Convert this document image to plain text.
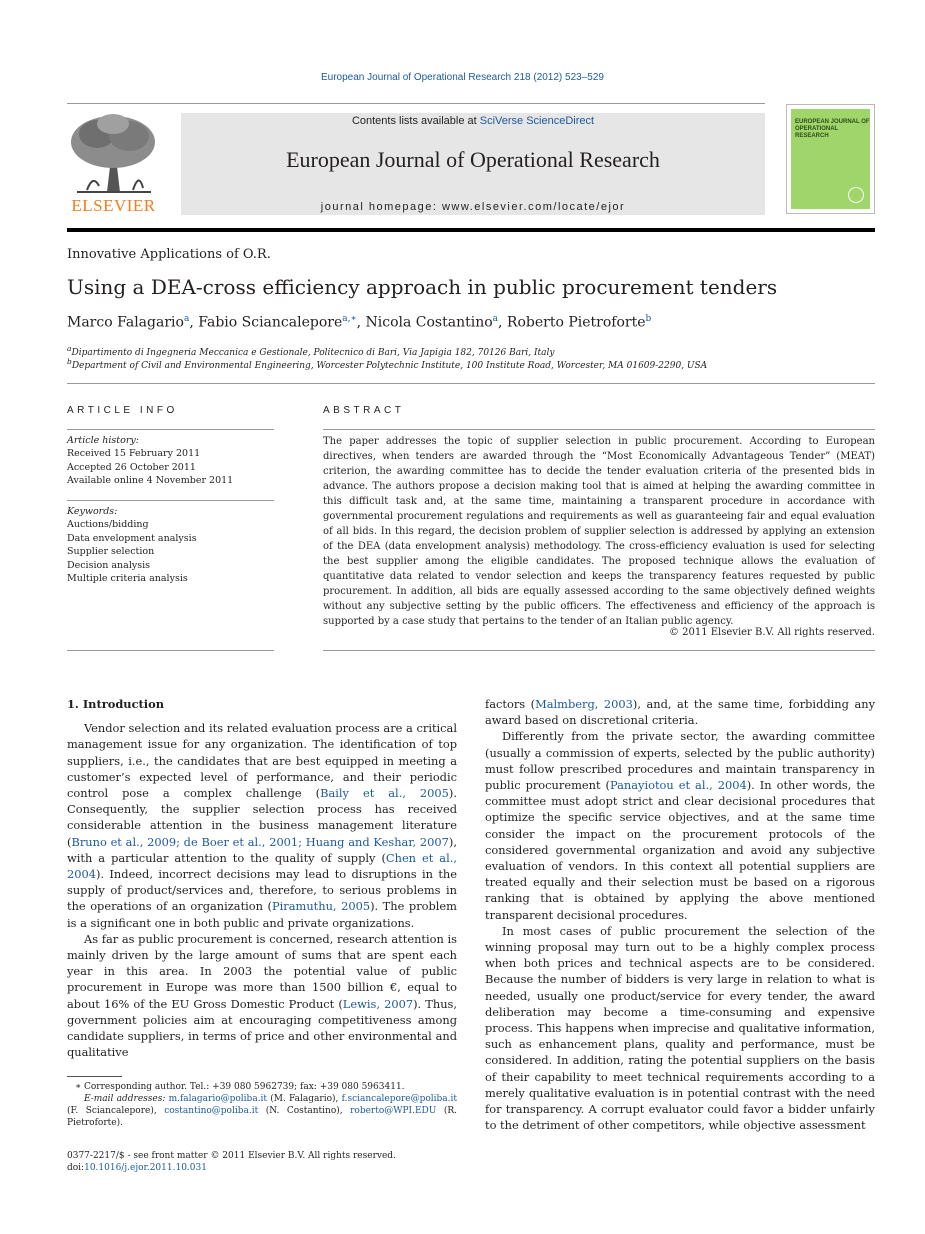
European Journal of Operational Research 218 (2012) 523–529
ELSEVIER
Contents lists available at SciVerse ScienceDirect
European Journal of Operational Research
journal homepage: www.elsevier.com/locate/ejor
EUROPEAN JOURNAL OF OPERATIONAL RESEARCH
Innovative Applications of O.R.
Using a DEA-cross efficiency approach in public procurement tenders
Marco Falagario$^a$, Fabio Sciancalepore$^{a,∗}$, Nicola Costantino$^a$, Roberto Pietroforte$^b$
$^a$Dipartimento di Ingegneria Meccanica e Gestionale, Politecnico di Bari, Via Japigia 182, 70126 Bari, Italy
$^b$Department of Civil and Environmental Engineering, Worcester Polytechnic Institute, 100 Institute Road, Worcester, MA 01609-2290, USA
ARTICLE INFO
Article history:
Received 15 February 2011
Accepted 26 October 2011
Available online 4 November 2011
Keywords:
Auctions/bidding
Data envelopment analysis
Supplier selection
Decision analysis
Multiple criteria analysis
ABSTRACT
The paper addresses the topic of supplier selection in public procurement. According to European directives, when tenders are awarded through the “Most Economically Advantageous Tender” (MEAT) criterion, the awarding committee has to decide the tender evaluation criteria of the presented bids in advance. The authors propose a decision making tool that is aimed at helping the awarding committee in this difficult task and, at the same time, maintaining a transparent procedure in accordance with governmental procurement regulations and requirements as well as guaranteeing fair and equal evaluation of all bids. In this regard, the decision problem of supplier selection is addressed by applying an extension of the DEA (data envelopment analysis) methodology. The cross-efficiency evaluation is used for selecting the best supplier among the eligible candidates. The proposed technique allows the evaluation of quantitative data related to vendor selection and keeps the transparency features requested by public procurement. In addition, all bids are equally assessed according to the same objectively defined weights without any subjective setting by the public officers. The effectiveness and efficiency of the approach is supported by a case study that pertains to the tender of an Italian public agency.
© 2011 Elsevier B.V. All rights reserved.
1. Introduction

Vendor selection and its related evaluation process are a critical management issue for any organization. The identification of top suppliers, i.e., the candidates that are best equipped in meeting a customer’s expected level of performance, and their periodic control pose a complex challenge (Baily et al., 2005). Consequently, the supplier selection process has received considerable attention in the business management literature (Bruno et al., 2009; de Boer et al., 2001; Huang and Keshar, 2007), with a particular attention to the quality of supply (Chen et al., 2004). Indeed, incorrect decisions may lead to disruptions in the supply of product/services and, therefore, to serious problems in the operations of an organization (Piramuthu, 2005). The problem is a significant one in both public and private organizations.

As far as public procurement is concerned, research attention is mainly driven by the large amount of sums that are spent each year in this area. In 2003 the potential value of public procurement in Europe was more than 1500 billion €, equal to about 16% of the EU Gross Domestic Product (Lewis, 2007). Thus, government policies aim at encouraging competitiveness among candidate suppliers, in terms of price and other environmental and qualitative

factors (Malmberg, 2003), and, at the same time, forbidding any award based on discretional criteria.

Differently from the private sector, the awarding committee (usually a commission of experts, selected by the public authority) must follow prescribed procedures and maintain transparency in public procurement (Panayiotou et al., 2004). In other words, the committee must adopt strict and clear decisional procedures that optimize the specific service objectives, and at the same time consider the impact on the procurement protocols of the considered governmental organization and avoid any subjective evaluation of vendors. In this context all potential suppliers are treated equally and their selection must be based on a rigorous ranking that is obtained by applying the above mentioned transparent decisional procedures.

In most cases of public procurement the selection of the winning proposal may turn out to be a highly complex process when both prices and technical aspects are to be considered. Because the number of bidders is very large in relation to what is needed, usually one product/service for every tender, the award deliberation may become a time-consuming and expensive process. This happens when imprecise and qualitative information, such as enhancement plans, quality and performance, must be considered. In addition, rating the potential suppliers on the basis of their capability to meet technical requirements according to a merely qualitative evaluation is in potential contrast with the need for transparency. A corrupt evaluator could favor a bidder unfairly to the detriment of other competitors, while objective assessment

∗ Corresponding author. Tel.: +39 080 5962739; fax: +39 080 5963411.
E-mail addresses: m.falagario@poliba.it (M. Falagario), f.sciancalepore@poliba.it (F. Sciancalepore), costantino@poliba.it (N. Costantino), roberto@WPI.EDU (R. Pietroforte).
0377-2217/$ - see front matter © 2011 Elsevier B.V. All rights reserved.
doi:10.1016/j.ejor.2011.10.031
